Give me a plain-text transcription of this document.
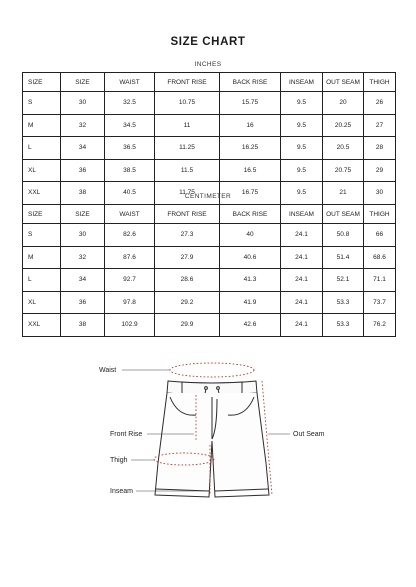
SIZE CHART
INCHES
SIZE	SIZE	WAIST	FRONT RISE	BACK RISE	INSEAM	OUT SEAM	THIGH
S	30	32.5	10.75	15.75	9.5	20	26
M	32	34.5	11	16	9.5	20.25	27
L	34	36.5	11.25	16.25	9.5	20.5	28
XL	36	38.5	11.5	16.5	9.5	20.75	29
XXL	38	40.5	11.75	16.75	9.5	21	30
CENTIMETER
SIZE	SIZE	WAIST	FRONT RISE	BACK RISE	INSEAM	OUT SEAM	THIGH
S	30	82.6	27.3	40	24.1	50.8	66
M	32	87.6	27.9	40.6	24.1	51.4	68.6
L	34	92.7	28.6	41.3	24.1	52.1	71.1
XL	36	97.8	29.2	41.9	24.1	53.3	73.7
XXL	38	102.9	29.9	42.6	24.1	53.3	76.2
Waist
Front Rise
Thigh
Inseam
Out Seam
